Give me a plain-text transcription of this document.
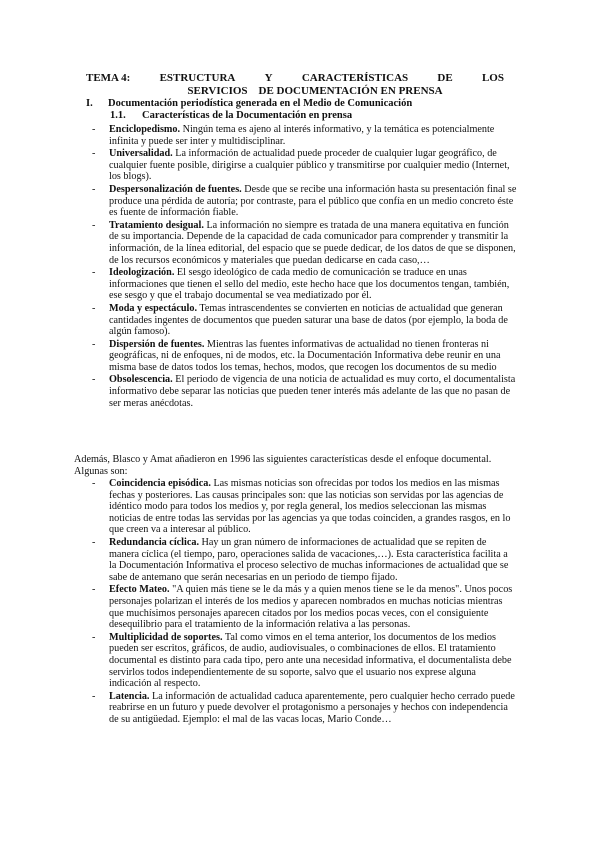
TEMA 4:	ESTRUCTURA	Y	CARACTERÍSTICAS	DE	LOS
SERVICIOS    DE DOCUMENTACIÓN EN PRENSA
I. Documentación periodística generada en el Medio de Comunicación
1.1. Características de la Documentación en prensa
- Enciclopedismo. Ningún tema es ajeno al interés informativo, y la temática es potencialmente infinita y puede ser inter y multidisciplinar.
- Universalidad. La información de actualidad puede proceder de cualquier lugar geográfico, de cualquier fuente posible, dirigirse a cualquier público y transmitirse por cualquier medio (Internet, los blogs).
- Despersonalización de fuentes. Desde que se recibe una información hasta su presentación final se produce una pérdida de autoría; por contraste, para el público que confía en un medio concreto éste es fuente de información fiable.
- Tratamiento desigual. La información no siempre es tratada de una manera equitativa en función de su importancia. Depende de la capacidad de cada comunicador para comprender y transmitir la información, de la línea editorial, del espacio que se puede dedicar, de los datos de que se disponen, de los recursos económicos y materiales que puedan dedicarse en cada caso,…
- Ideologización. El sesgo ideológico de cada medio de comunicación se traduce en unas informaciones que tienen el sello del medio, este hecho hace que los documentos tengan, también, ese sesgo y que el trabajo documental se vea mediatizado por él.
- Moda y espectáculo. Temas intrascendentes se convierten en noticias de actualidad que generan cantidades ingentes de documentos que pueden saturar una base de datos (por ejemplo, la boda de algún famoso).
- Dispersión de fuentes. Mientras las fuentes informativas de actualidad no tienen fronteras ni geográficas, ni de enfoques, ni de modos, etc. la Documentación Informativa debe reunir en una misma base de datos todos los temas, hechos, modos, que recogen los documentos de su medio
- Obsolescencia. El periodo de vigencia de una noticia de actualidad es muy corto, el documentalista informativo debe separar las noticias que pueden tener interés más adelante de las que no pasan de ser meras anécdotas.
Además, Blasco y Amat añadieron en 1996 las siguientes características desde el enfoque documental. Algunas son:
- Coincidencia episódica. Las mismas noticias son ofrecidas por todos los medios en las mismas fechas y posteriores. Las causas principales son: que las noticias son servidas por las agencias de idéntico modo para todos los medios y, por regla general, los medios seleccionan las mismas noticias de entre todas las servidas por las agencias ya que todas coinciden, a grandes rasgos, en lo que creen va a interesar al público.
- Redundancia cíclica. Hay un gran número de informaciones de actualidad que se repiten de manera cíclica (el tiempo, paro, operaciones salida de vacaciones,…). Esta característica facilita a la Documentación Informativa el proceso selectivo de muchas informaciones de actualidad que se sabe de antemano que serán necesarias en un periodo de tiempo fijado.
- Efecto Mateo. "A quien más tiene se le da más y a quien menos tiene se le da menos". Unos pocos personajes polarizan el interés de los medios y aparecen nombrados en muchas noticias mientras que muchísimos personajes aparecen citados por los medios pocas veces, con el consiguiente desequilibrio para el tratamiento de la información relativa a las personas.
- Multiplicidad de soportes. Tal como vimos en el tema anterior, los documentos de los medios pueden ser escritos, gráficos, de audio, audiovisuales, o combinaciones de ellos. El tratamiento documental es distinto para cada tipo, pero ante una necesidad informativa, el documentalista debe servirlos todos independientemente de su soporte, salvo que el usuario nos exprese alguna indicación al respecto.
- Latencia. La información de actualidad caduca aparentemente, pero cualquier hecho cerrado puede reabrirse en un futuro y puede devolver el protagonismo a personajes y hechos con independencia de su antigüedad. Ejemplo: el mal de las vacas locas, Mario Conde…
